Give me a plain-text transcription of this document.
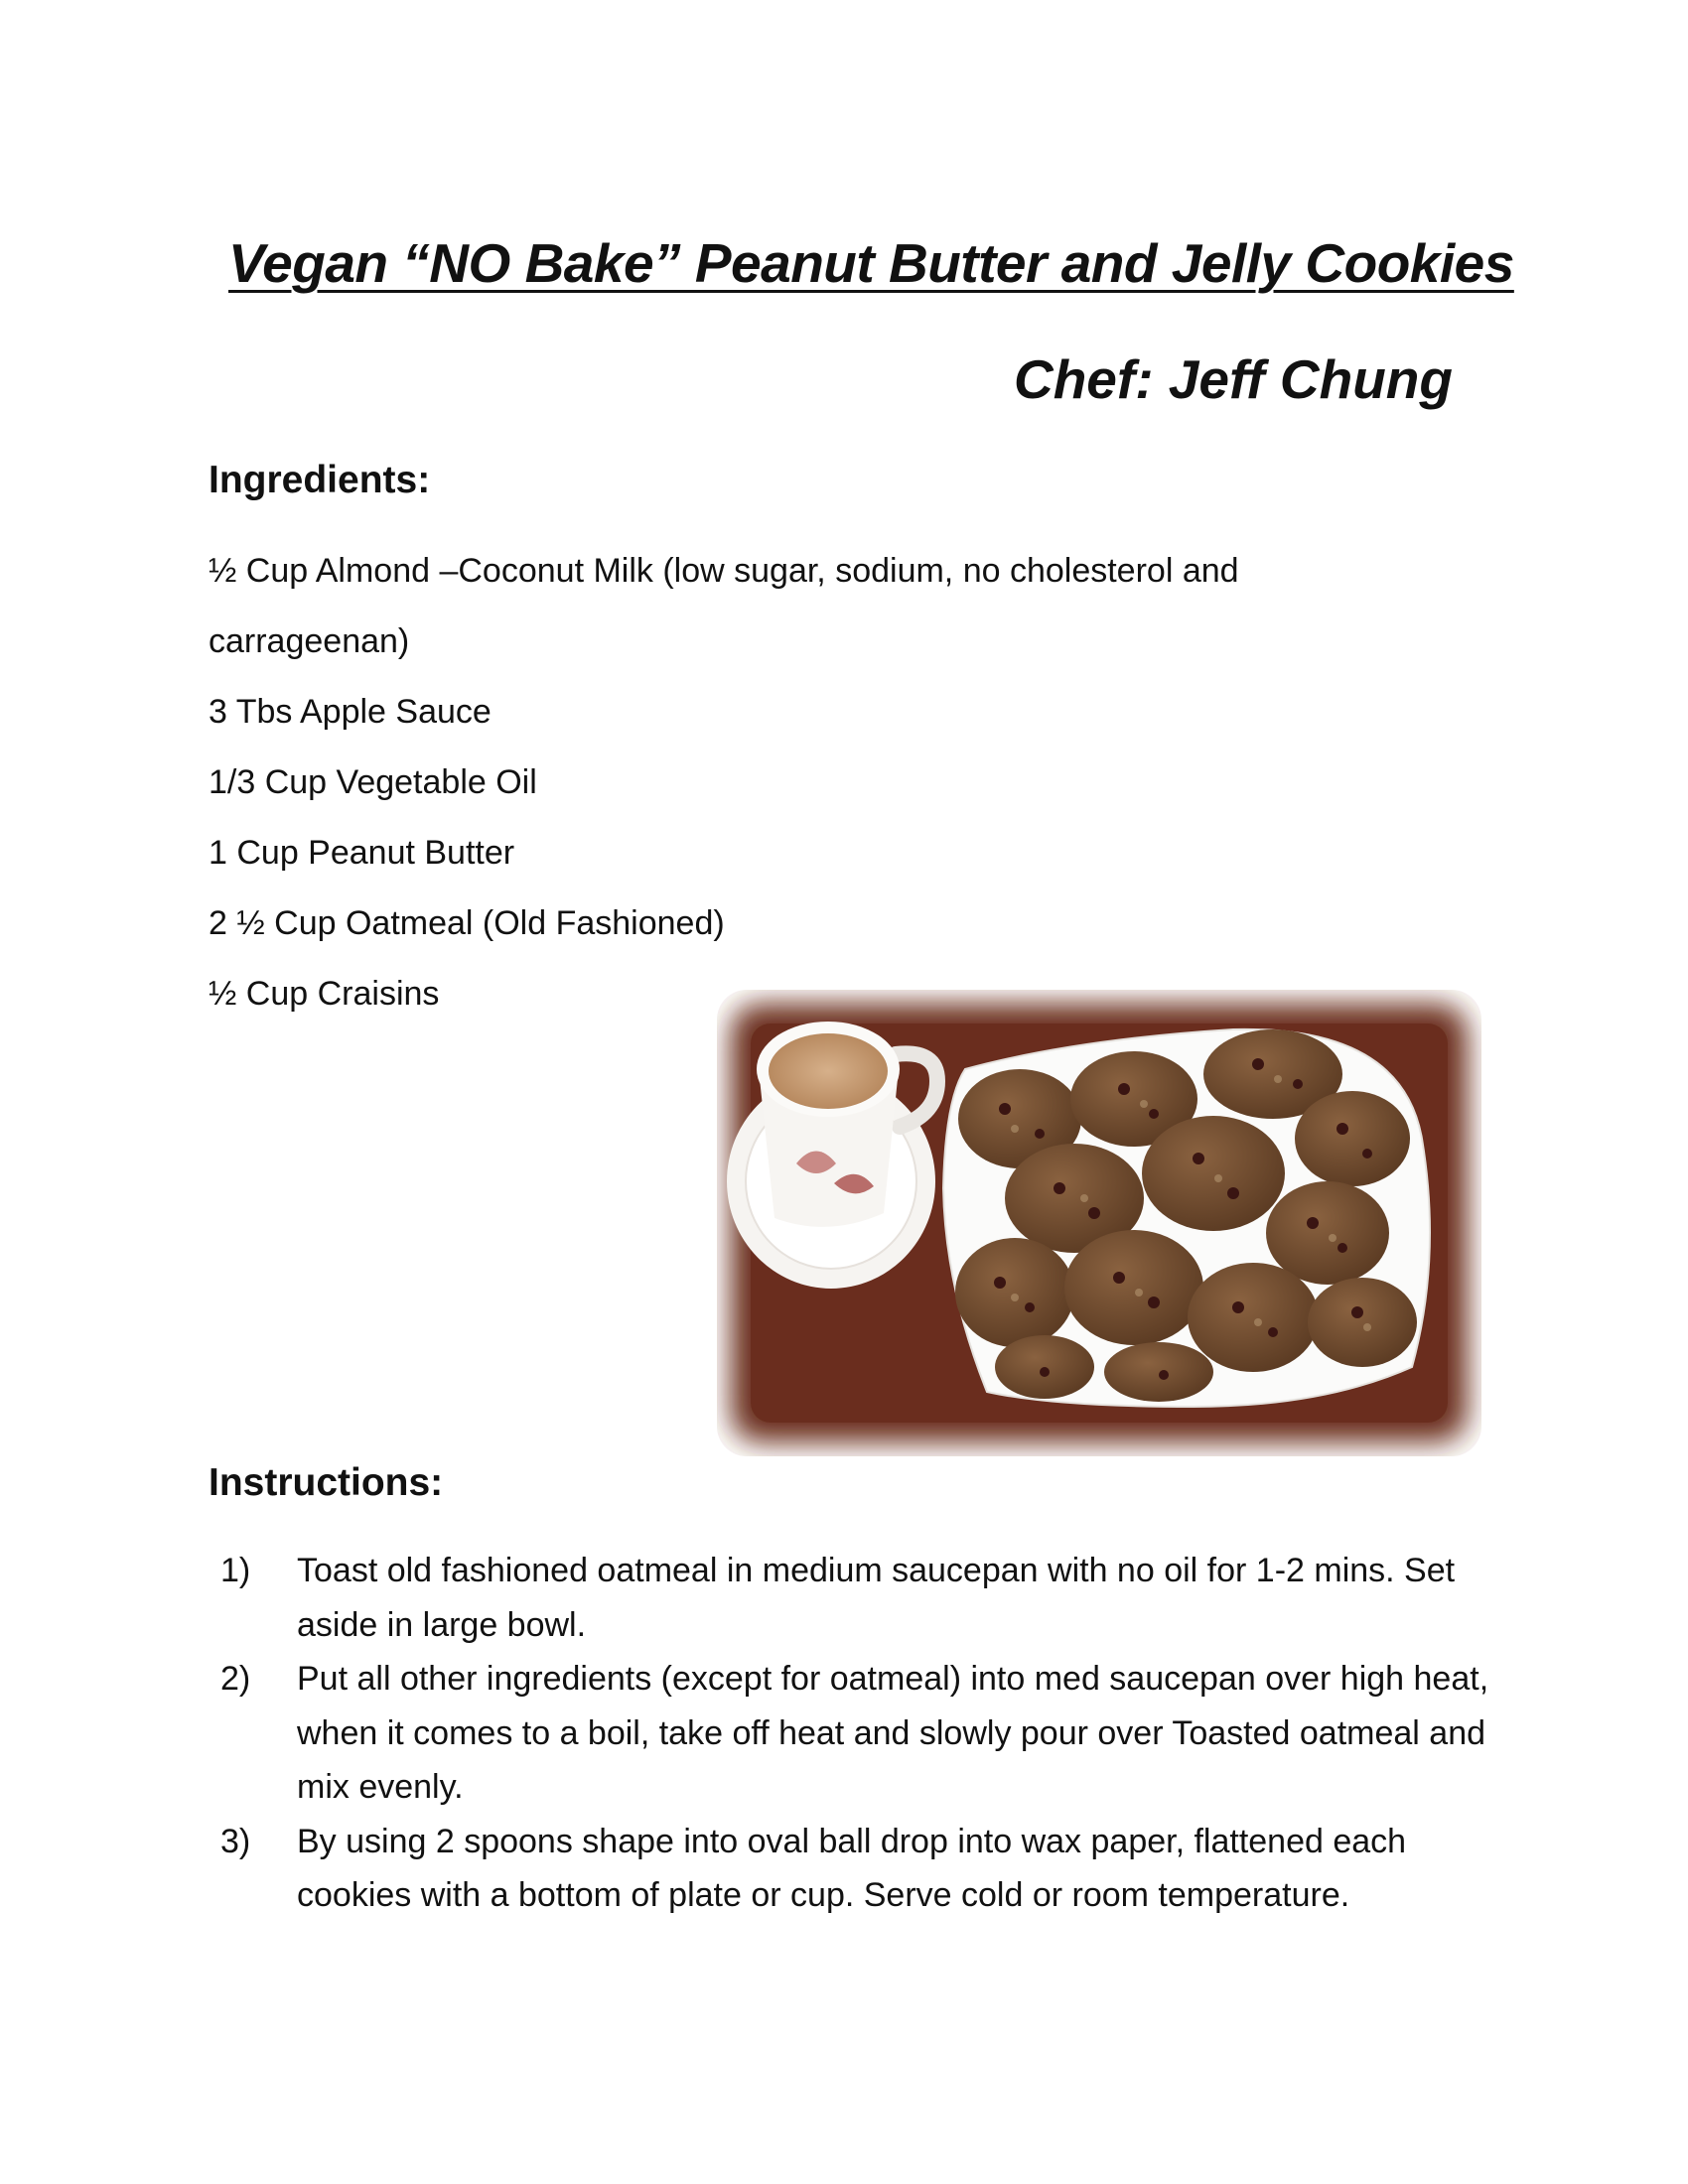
Vegan “NO Bake” Peanut Butter and Jelly Cookies
Chef: Jeff Chung
Ingredients:
½ Cup Almond –Coconut Milk (low sugar, sodium, no cholesterol and
carrageenan)
3 Tbs Apple Sauce
1/3 Cup Vegetable Oil
1 Cup Peanut Butter
2 ½ Cup Oatmeal (Old Fashioned)
½ Cup Craisins
Instructions:
1) Toast old fashioned oatmeal in medium saucepan with no oil for 1-2 mins. Set aside in large bowl.
2) Put all other ingredients (except for oatmeal) into med saucepan over high heat, when it comes to a boil, take off heat and slowly pour over Toasted oatmeal and mix evenly.
3) By using 2 spoons shape into oval ball drop into wax paper, flattened each cookies with a bottom of plate or cup. Serve cold or room temperature.
